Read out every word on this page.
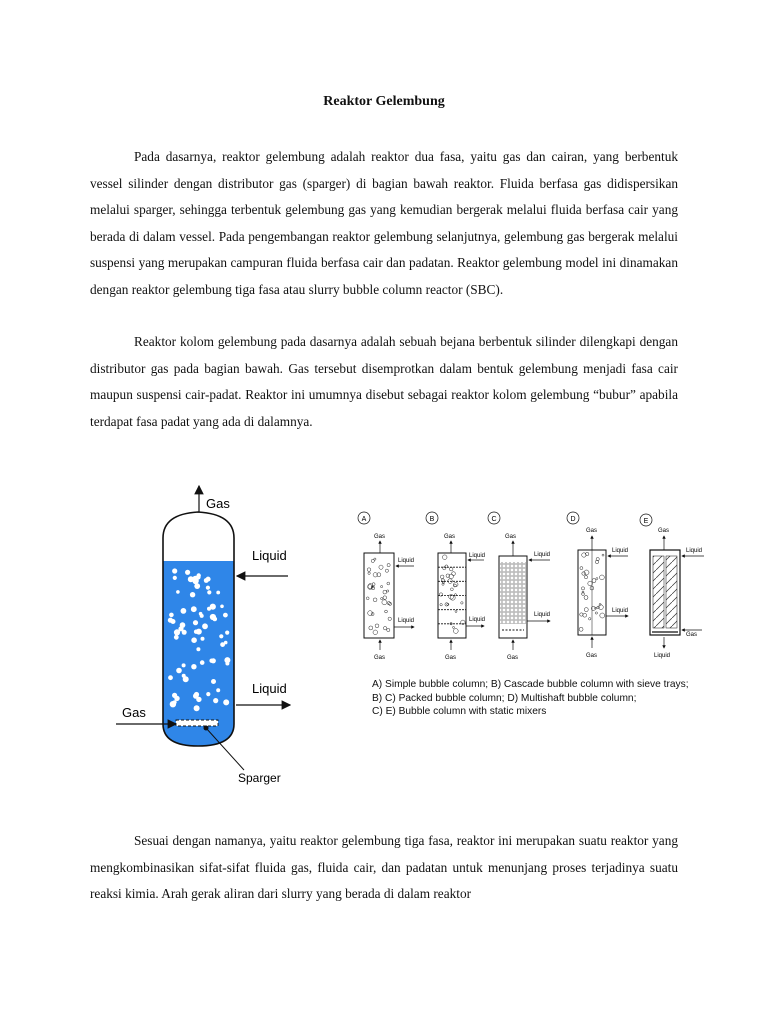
Reaktor Gelembung

Pada dasarnya, reaktor gelembung adalah reaktor dua fasa, yaitu gas dan cairan, yang berbentuk vessel silinder dengan distributor gas (sparger) di bagian bawah reaktor. Fluida berfasa gas didispersikan melalui sparger, sehingga terbentuk gelembung gas yang kemudian bergerak melalui fluida berfasa cair yang berada di dalam vessel. Pada pengembangan reaktor gelembung selanjutnya, gelembung gas bergerak melalui suspensi yang merupakan campuran fluida berfasa cair dan padatan. Reaktor gelembung model ini dinamakan dengan reaktor gelembung tiga fasa atau slurry bubble column reactor (SBC).

Reaktor kolom gelembung pada dasarnya adalah sebuah bejana berbentuk silinder dilengkapi dengan distributor gas pada bagian bawah. Gas tersebut disemprotkan dalam bentuk gelembung menjadi fasa cair maupun suspensi cair-padat. Reaktor ini umumnya disebut sebagai reaktor kolom gelembung “bubur” apabila terdapat fasa padat yang ada di dalamnya.

Gas
Liquid
Liquid
Gas
Sparger
A
Gas
Liquid
Liquid
Gas
B
Gas
Liquid
Liquid
Gas
C
Gas
Liquid
Liquid
Gas
D
Gas
Liquid
Liquid
Gas
E
Gas
Liquid
Gas
Liquid
A) Simple bubble column; B) Cascade bubble column with sieve trays;
B) C) Packed bubble column; D) Multishaft bubble column;
C) E) Bubble column with static mixers

Sesuai dengan namanya, yaitu reaktor gelembung tiga fasa, reaktor ini merupakan suatu reaktor yang mengkombinasikan sifat-sifat fluida gas, fluida cair, dan padatan untuk menunjang proses terjadinya suatu reaksi kimia. Arah gerak aliran dari slurry yang berada di dalam reaktor
